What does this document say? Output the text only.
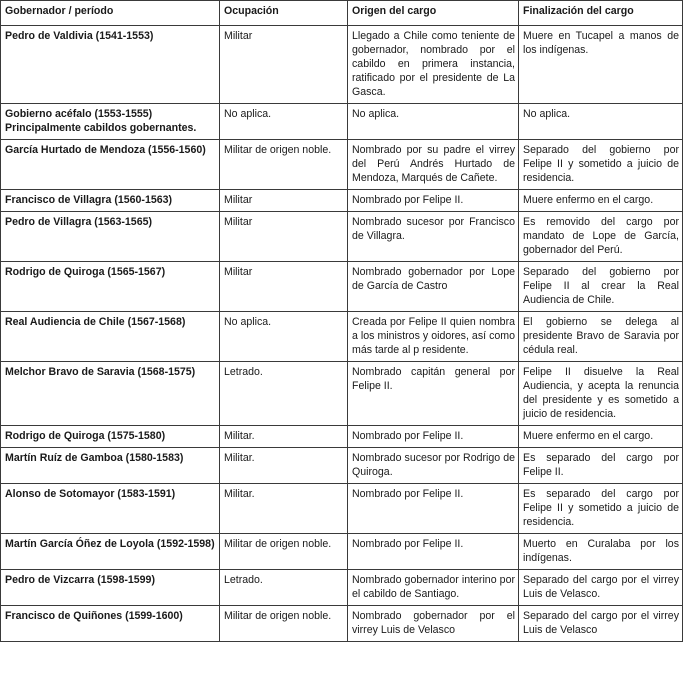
Gobernador / período	Ocupación	Origen del cargo	Finalización del cargo
Pedro de Valdivia (1541-1553)	Militar	Llegado a Chile como teniente de gobernador, nombrado por el cabildo en primera instancia, ratificado por el presidente de La Gasca.	Muere en Tucapel a manos de los indígenas.
Gobierno acéfalo (1553-1555) Principalmente cabildos gobernantes.	No aplica.	No aplica.	No aplica.
García Hurtado de Mendoza (1556-1560)	Militar de origen noble.	Nombrado por su padre el virrey del Perú Andrés Hurtado de Mendoza, Marqués de Cañete.	Separado del gobierno por Felipe II y sometido a juicio de residencia.
Francisco de Villagra (1560-1563)	Militar	Nombrado por Felipe II.	Muere enfermo en el cargo.
Pedro de Villagra (1563-1565)	Militar	Nombrado sucesor por Francisco de Villagra.	Es removido del cargo por mandato de Lope de García, gobernador del Perú.
Rodrigo de Quiroga (1565-1567)	Militar	Nombrado gobernador por Lope de García de Castro	Separado del gobierno por Felipe II al crear la Real Audiencia de Chile.
Real Audiencia de Chile (1567-1568)	No aplica.	Creada por Felipe II quien nombra a los ministros y oidores, así como más tarde al p residente.	El gobierno se delega al presidente Bravo de Saravia por cédula real.
Melchor Bravo de Saravia (1568-1575)	Letrado.	Nombrado capitán general por Felipe II.	Felipe II disuelve la Real Audiencia, y acepta la renuncia del presidente y es sometido a juicio de residencia.
Rodrigo de Quiroga (1575-1580)	Militar.	Nombrado por Felipe II.	Muere enfermo en el cargo.
Martín Ruíz de Gamboa (1580-1583)	Militar.	Nombrado sucesor por Rodrigo de Quiroga.	Es separado del cargo por Felipe II.
Alonso de Sotomayor (1583-1591)	Militar.	Nombrado por Felipe II.	Es separado del cargo por Felipe II y sometido a juicio de residencia.
Martín García Óñez de Loyola (1592-1598)	Militar de origen noble.	Nombrado por Felipe II.	Muerto en Curalaba por los indígenas.
Pedro de Vizcarra (1598-1599)	Letrado.	Nombrado gobernador interino por el cabildo de Santiago.	Separado del cargo por el virrey Luis de Velasco.
Francisco de Quiñones (1599-1600)	Militar de origen noble.	Nombrado gobernador por el virrey Luis de Velasco	Separado del cargo por el virrey Luis de Velasco
